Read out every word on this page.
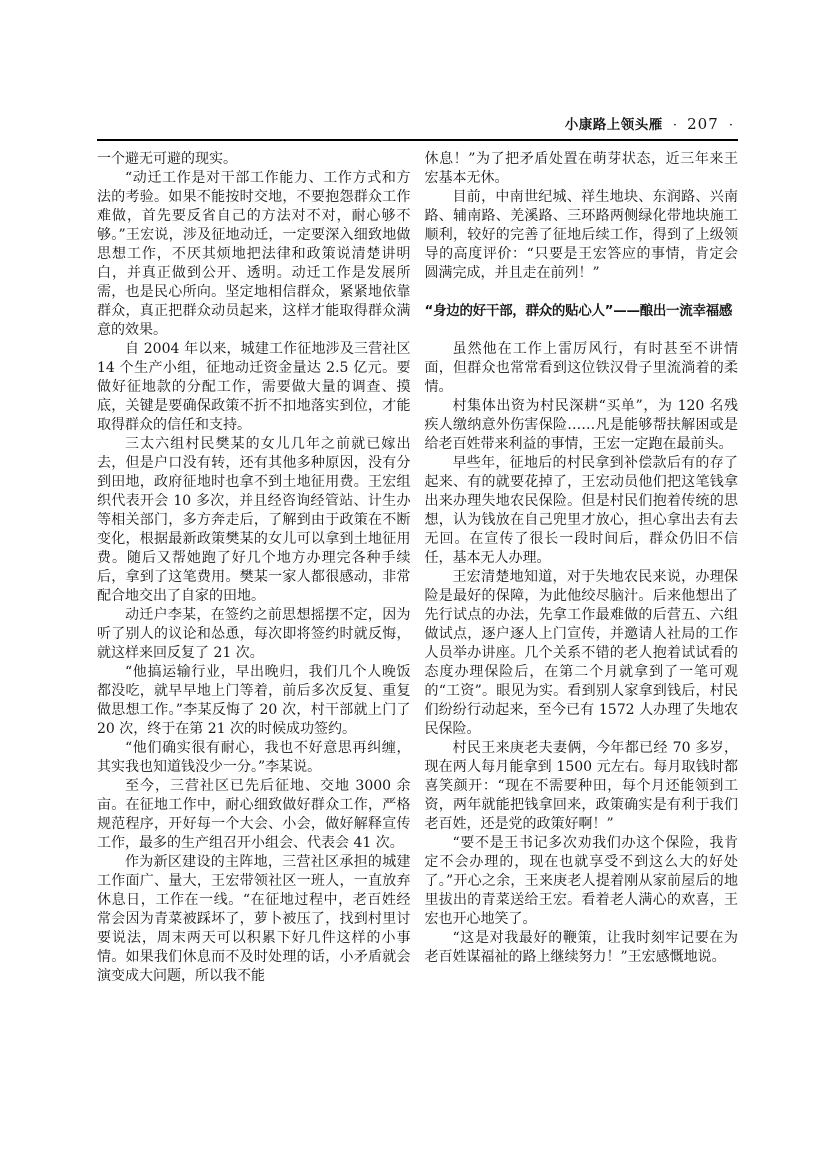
小康路上领头雁 · 207 ·

一个避无可避的现实。

“动迁工作是对干部工作能力、工作方式和方法的考验。如果不能按时交地，不要抱怨群众工作难做，首先要反省自己的方法对不对，耐心够不够。”王宏说，涉及征地动迁，一定要深入细致地做思想工作，不厌其烦地把法律和政策说清楚讲明白，并真正做到公开、透明。动迁工作是发展所需，也是民心所向。坚定地相信群众，紧紧地依靠群众，真正把群众动员起来，这样才能取得群众满意的效果。

自 2004 年以来，城建工作征地涉及三营社区 14 个生产小组，征地动迁资金量达 2.5 亿元。要做好征地款的分配工作，需要做大量的调查、摸底，关键是要确保政策不折不扣地落实到位，才能取得群众的信任和支持。

三太六组村民樊某的女儿几年之前就已嫁出去，但是户口没有转，还有其他多种原因，没有分到田地，政府征地时也拿不到土地征用费。王宏组织代表开会 10 多次，并且经咨询经管站、计生办等相关部门，多方奔走后，了解到由于政策在不断变化，根据最新政策樊某的女儿可以拿到土地征用费。随后又帮她跑了好几个地方办理完各种手续后，拿到了这笔费用。樊某一家人都很感动，非常配合地交出了自家的田地。

动迁户李某，在签约之前思想摇摆不定，因为听了别人的议论和怂恿，每次即将签约时就反悔，就这样来回反复了 21 次。

“他搞运输行业，早出晚归，我们几个人晚饭都没吃，就早早地上门等着，前后多次反复、重复做思想工作。”李某反悔了 20 次，村干部就上门了 20 次，终于在第 21 次的时候成功签约。

“他们确实很有耐心，我也不好意思再纠缠，其实我也知道钱没少一分。”李某说。

至今，三营社区已先后征地、交地 3000 余亩。在征地工作中，耐心细致做好群众工作，严格规范程序，开好每一个大会、小会，做好解释宣传工作，最多的生产组召开小组会、代表会 41 次。

作为新区建设的主阵地，三营社区承担的城建工作面广、量大，王宏带领社区一班人，一直放弃休息日，工作在一线。“在征地过程中，老百姓经常会因为青菜被踩坏了，萝卜被压了，找到村里讨要说法，周末两天可以积累下好几件这样的小事情。如果我们休息而不及时处理的话，小矛盾就会演变成大问题，所以我不能

休息！”为了把矛盾处置在萌芽状态，近三年来王宏基本无休。

目前，中南世纪城、祥生地块、东润路、兴南路、辅南路、羌溪路、三环路两侧绿化带地块施工顺利，较好的完善了征地后续工作，得到了上级领导的高度评价：“只要是王宏答应的事情，肯定会圆满完成，并且走在前列！”

“身边的好干部，群众的贴心人”——酿出一流幸福感

虽然他在工作上雷厉风行，有时甚至不讲情面，但群众也常常看到这位铁汉骨子里流淌着的柔情。

村集体出资为村民深耕“买单”，为 120 名残疾人缴纳意外伤害保险……凡是能够帮扶解困或是给老百姓带来利益的事情，王宏一定跑在最前头。

早些年，征地后的村民拿到补偿款后有的存了起来、有的就要花掉了，王宏动员他们把这笔钱拿出来办理失地农民保险。但是村民们抱着传统的思想，认为钱放在自己兜里才放心，担心拿出去有去无回。在宣传了很长一段时间后，群众仍旧不信任，基本无人办理。

王宏清楚地知道，对于失地农民来说，办理保险是最好的保障，为此他绞尽脑汁。后来他想出了先行试点的办法，先拿工作最难做的后营五、六组做试点，逐户逐人上门宣传，并邀请人社局的工作人员举办讲座。几个关系不错的老人抱着试试看的态度办理保险后，在第二个月就拿到了一笔可观的“工资”。眼见为实。看到别人家拿到钱后，村民们纷纷行动起来，至今已有 1572 人办理了失地农民保险。

村民王来庚老夫妻俩，今年都已经 70 多岁，现在两人每月能拿到 1500 元左右。每月取钱时都喜笑颜开：“现在不需要种田，每个月还能领到工资，两年就能把钱拿回来，政策确实是有利于我们老百姓，还是党的政策好啊！”

“要不是王书记多次劝我们办这个保险，我肯定不会办理的，现在也就享受不到这么大的好处了。”开心之余，王来庚老人提着刚从家前屋后的地里拔出的青菜送给王宏。看着老人满心的欢喜，王宏也开心地笑了。

“这是对我最好的鞭策，让我时刻牢记要在为老百姓谋福祉的路上继续努力！”王宏感慨地说。
